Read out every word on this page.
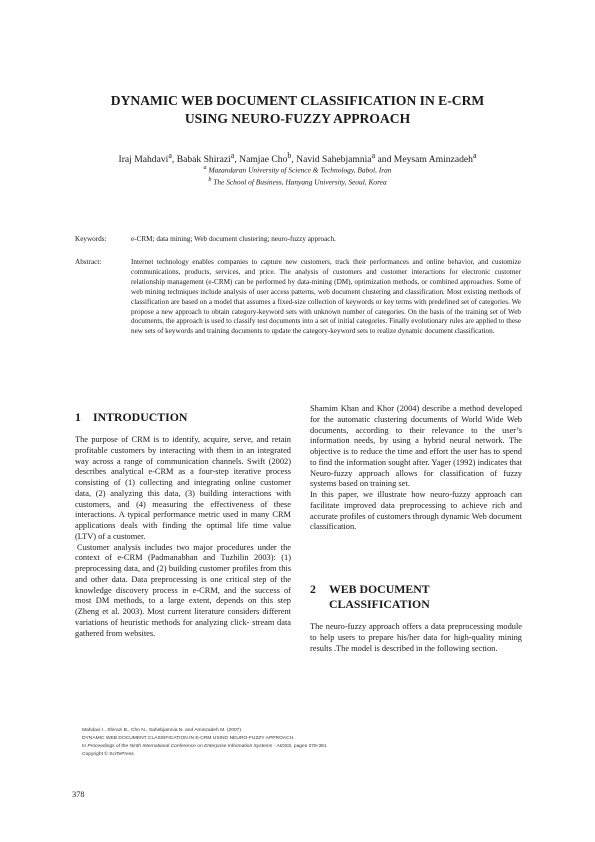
DYNAMIC WEB DOCUMENT CLASSIFICATION IN E-CRM
USING NEURO-FUZZY APPROACH
Iraj Mahdavi$^a$, Babak Shirazi$^a$, Namjae Cho$^b$, Navid Sahebjamnia$^a$ and Meysam Aminzadeh$^a$
$^a$ Mazandaran University of Science & Technology, Babol, Iran
$^b$ The School of Business, Hanyang University, Seoul, Korea
Keywords:	e-CRM; data mining; Web document clustering; neuro-fuzzy approach.
Abstract:	Internet technology enables companies to capture new customers, track their performances and online behavior, and customize communications, products, services, and price. The analysis of customers and customer interactions for electronic customer relationship management (e-CRM) can be performed by data-mining (DM), optimization methods, or combined approaches. Some of web mining techniques include analysis of user access patterns, web document clustering and classification. Most existing methods of classification are based on a model that assumes a fixed-size collection of keywords or key terms with predefined set of categories. We propose a new approach to obtain category-keyword sets with unknown number of categories. On the basis of the training set of Web documents, the approach is used to classify test documents into a set of initial categories. Finally evolutionary rules are applied to these new sets of keywords and training documents to update the category-keyword sets to realize dynamic document classification.
1 INTRODUCTION
The purpose of CRM is to identify, acquire, serve, and retain profitable customers by interacting with them in an integrated way across a range of communication channels. Swift (2002) describes analytical e-CRM as a four-step iterative process consisting of (1) collecting and integrating online customer data, (2) analyzing this data, (3) building interactions with customers, and (4) measuring the effectiveness of these interactions. A typical performance metric used in many CRM applications deals with finding the optimal life time value (LTV) of a customer.
Customer analysis includes two major procedures under the context of e-CRM (Padmanabhan and Tuzhilin 2003): (1) preprocessing data, and (2) building customer profiles from this and other data. Data preprocessing is one critical step of the knowledge discovery process in e-CRM, and the success of most DM methods, to a large extent, depends on this step (Zheng et al. 2003). Most current literature considers different variations of heuristic methods for analyzing click- stream data gathered from websites.
Shamim Khan and Khor (2004) describe a method developed for the automatic clustering documents of World Wide Web documents, according to their relevance to the user’s information needs, by using a hybrid neural network. The objective is to reduce the time and effort the user has to spend to find the information sought after. Yager (1992) indicates that Neuro-fuzzy approach allows for classification of fuzzy systems based on training set.
In this paper, we illustrate how neuro-fuzzy approach can facilitate improved data preprocessing to achieve rich and accurate profiles of customers through dynamic Web document classification.
2 WEB DOCUMENT
CLASSIFICATION
The neuro-fuzzy approach offers a data preprocessing module to help users to prepare his/her data for high-quality mining results .The model is described in the following section.
Mahdavi I., Shirazi B., Cho N., Sahebjamnia N. and Aminzadeh M. (2007).
DYNAMIC WEB DOCUMENT CLASSIFICATION IN E-CRM USING NEURO-FUZZY APPROACH.
In Proceedings of the Ninth International Conference on Enterprise Information Systems - AIDSS, pages 378-381
Copyright © SciTePress
378
